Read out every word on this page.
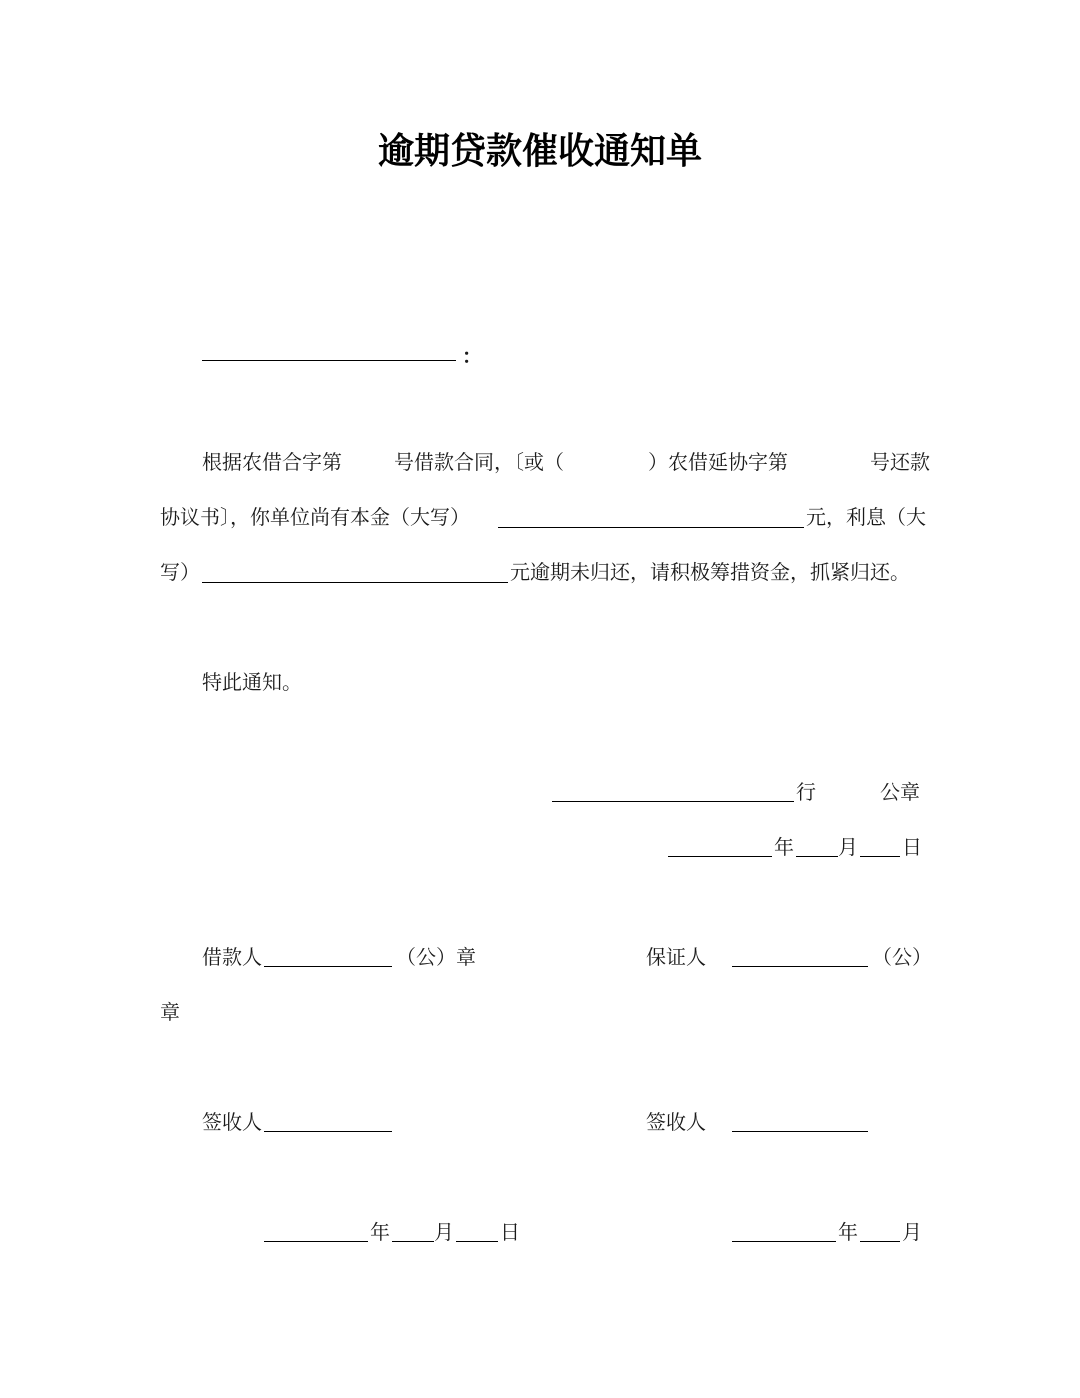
逾期贷款催收通知单
：
根据农借合字第	号借款合同，〔或（	）农借延协字第	号还款
协议书〕，你单位尚有本金（大写）	元，利息（大
写）	元逾期未归还，请积极筹措资金，抓紧归还。
特此通知。
行	公章
年 月 日
借款人	（公）章	保证人	（公）
章
签收人	签收人
年 月 日	年 月
